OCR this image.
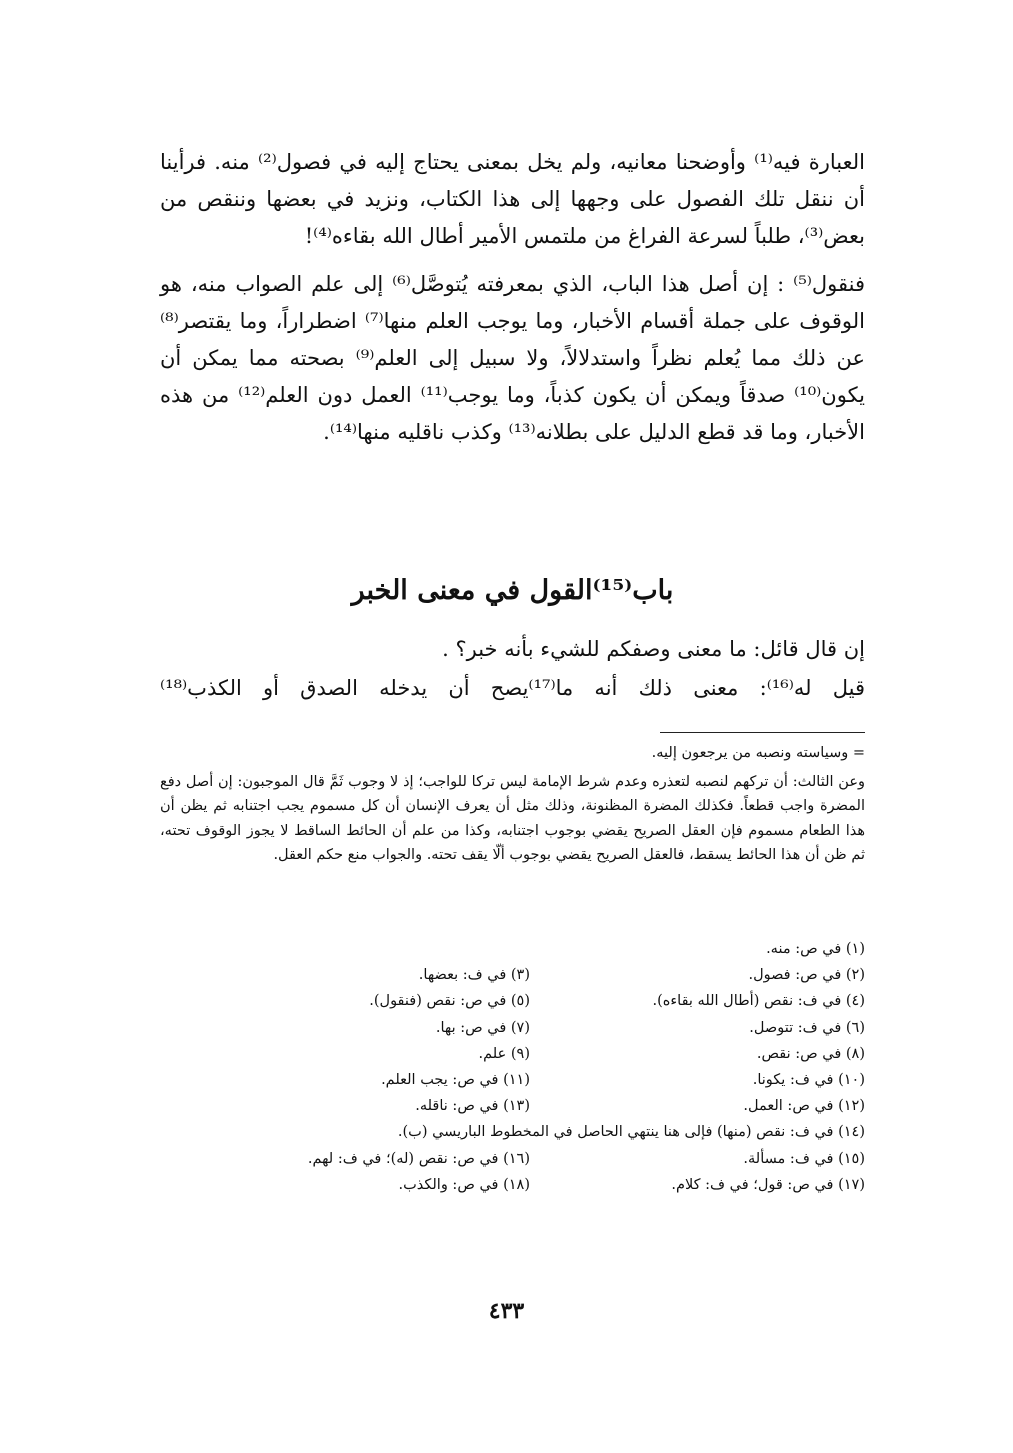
العبارة فيه⁽¹⁾ وأوضحنا معانيه، ولم يخل بمعنى يحتاج إليه في فصول⁽²⁾ منه. فرأينا أن ننقل تلك الفصول على وجهها إلى هذا الكتاب، ونزيد في بعضها وننقص من بعض⁽³⁾، طلباً لسرعة الفراغ من ملتمس الأمير أطال الله بقاءه⁽⁴⁾!

فنقول⁽⁵⁾ : إن أصل هذا الباب، الذي بمعرفته يُتوصَّل⁽⁶⁾ إلى علم الصواب منه، هو الوقوف على جملة أقسام الأخبار، وما يوجب العلم منها⁽⁷⁾ اضطراراً، وما يقتصر⁽⁸⁾ عن ذلك مما يُعلم نظراً واستدلالاً، ولا سبيل إلى العلم⁽⁹⁾ بصحته مما يمكن أن يكون⁽¹⁰⁾ صدقاً ويمكن أن يكون كذباً، وما يوجب⁽¹¹⁾ العمل دون العلم⁽¹²⁾ من هذه الأخبار، وما قد قطع الدليل على بطلانه⁽¹³⁾ وكذب ناقليه منها⁽¹⁴⁾.

باب⁽¹⁵⁾القول في معنى الخبر
إن قال قائل: ما معنى وصفكم للشيء بأنه خبر؟ .
قيل له⁽¹⁶⁾: معنى ذلك أنه ما⁽¹⁷⁾يصح أن يدخله الصدق أو الكذب⁽¹⁸⁾

= وسياسته ونصبه من يرجعون إليه.

وعن الثالث: أن تركهم لنصبه لتعذره وعدم شرط الإمامة ليس تركا للواجب؛ إذ لا وجوب ثَمَّ قال الموجبون: إن أصل دفع المضرة واجب قطعاً. فكذلك المضرة المظنونة، وذلك مثل أن يعرف الإنسان أن كل مسموم يجب اجتنابه ثم يظن أن هذا الطعام مسموم فإن العقل الصريح يقضي بوجوب اجتنابه، وكذا من علم أن الحائط الساقط لا يجوز الوقوف تحته، ثم ظن أن هذا الحائط يسقط، فالعقل الصريح يقضي بوجوب ألّا يقف تحته. والجواب منع حكم العقل.

(١) في ص: منه.
(٢) في ص: فصول.
(٣) في ف: بعضها.
(٤) في ف: نقص (أطال الله بقاءه).
(٥) في ص: نقص (فنقول).
(٦) في ف: تتوصل.
(٧) في ص: بها.
(٨) في ص: نقص.
(٩) علم.
(١٠) في ف: يكونا.
(١١) في ص: يجب العلم.
(١٢) في ص: العمل.
(١٣) في ص: ناقله.
(١٤) في ف: نقص (منها) فإلى هنا ينتهي الحاصل في المخطوط الباريسي (ب).
(١٥) في ف: مسألة.
(١٦) في ص: نقص (له)؛ في ف: لهم.
(١٧) في ص: قول؛ في ف: كلام.
(١٨) في ص: والكذب.
٤٣٣
